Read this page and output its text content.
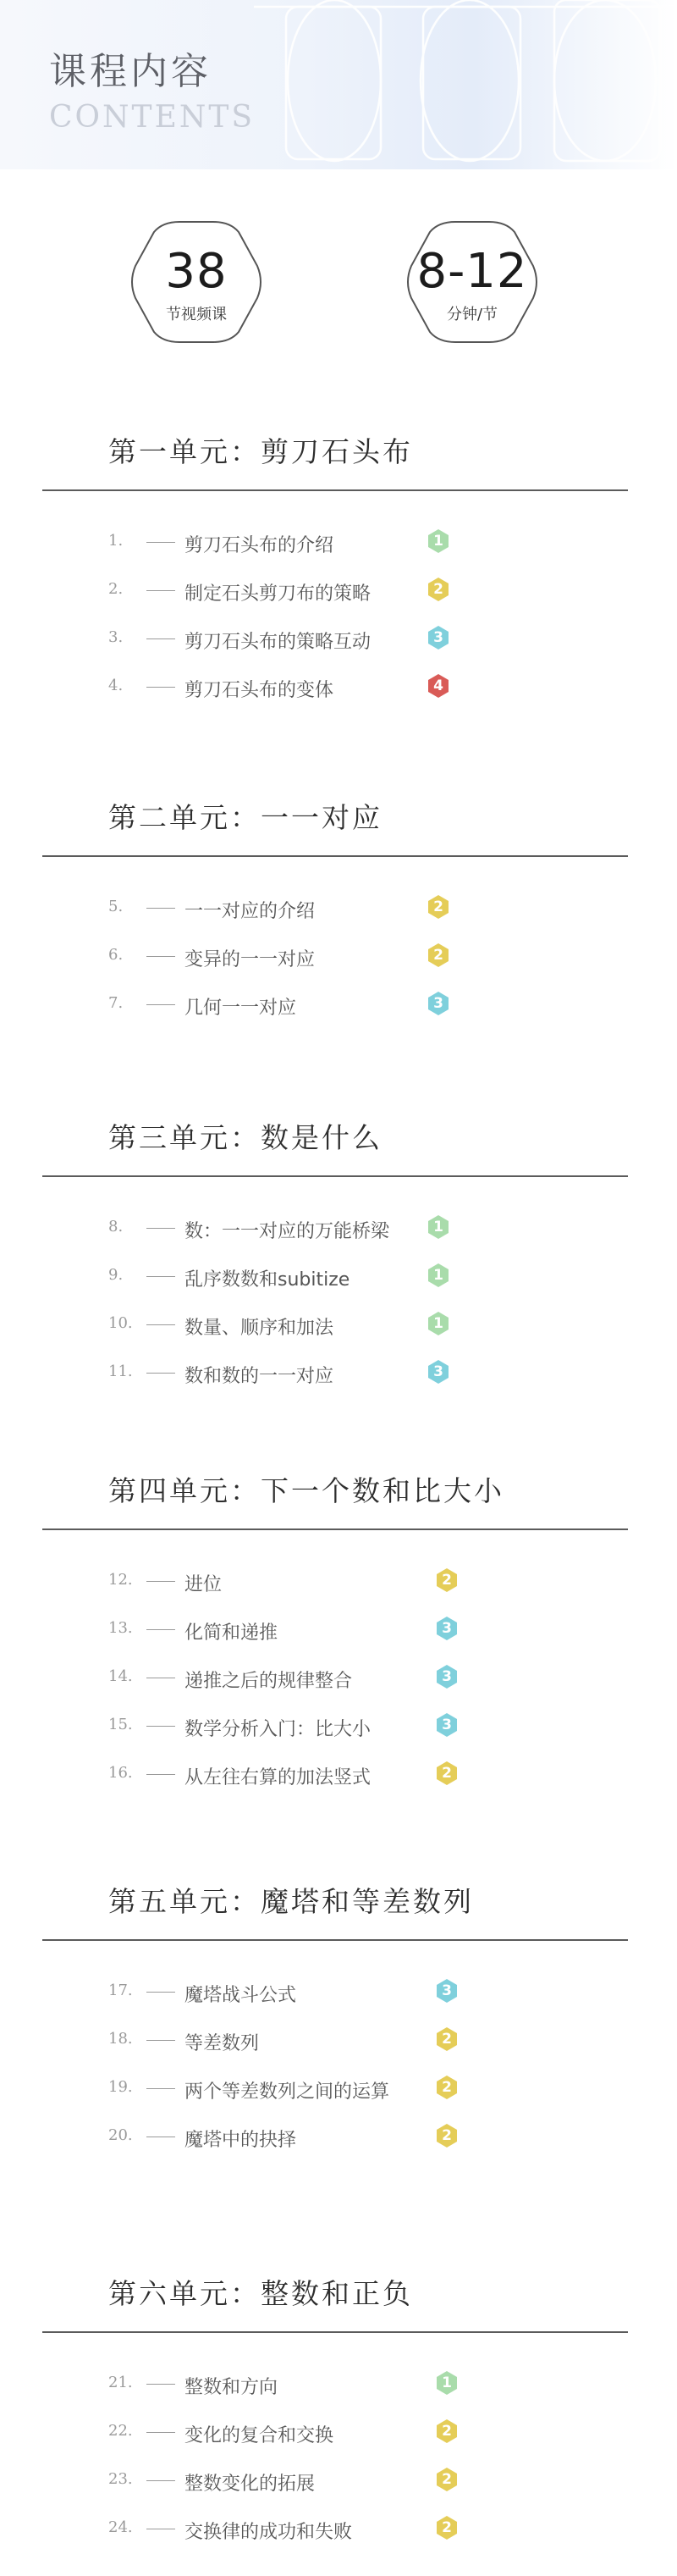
课程内容
CONTENTS
38
节视频课
8-12
分钟/节
第一单元：剪刀石头布
1.	剪刀石头布的介绍	1
2.	制定石头剪刀布的策略	2
3.	剪刀石头布的策略互动	3
4.	剪刀石头布的变体	4
第二单元：一一对应
5.	一一对应的介绍	2
6.	变异的一一对应	2
7.	几何一一对应	3
第三单元：数是什么
8.	数：一一对应的万能桥梁	1
9.	乱序数数和subitize	1
10.	数量、顺序和加法	1
11.	数和数的一一对应	3
第四单元：下一个数和比大小
12.	进位	2
13.	化简和递推	3
14.	递推之后的规律整合	3
15.	数学分析入门：比大小	3
16.	从左往右算的加法竖式	2
第五单元：魔塔和等差数列
17.	魔塔战斗公式	3
18.	等差数列	2
19.	两个等差数列之间的运算	2
20.	魔塔中的抉择	2
第六单元：整数和正负
21.	整数和方向	1
22.	变化的复合和交换	2
23.	整数变化的拓展	2
24.	交换律的成功和失败	2
